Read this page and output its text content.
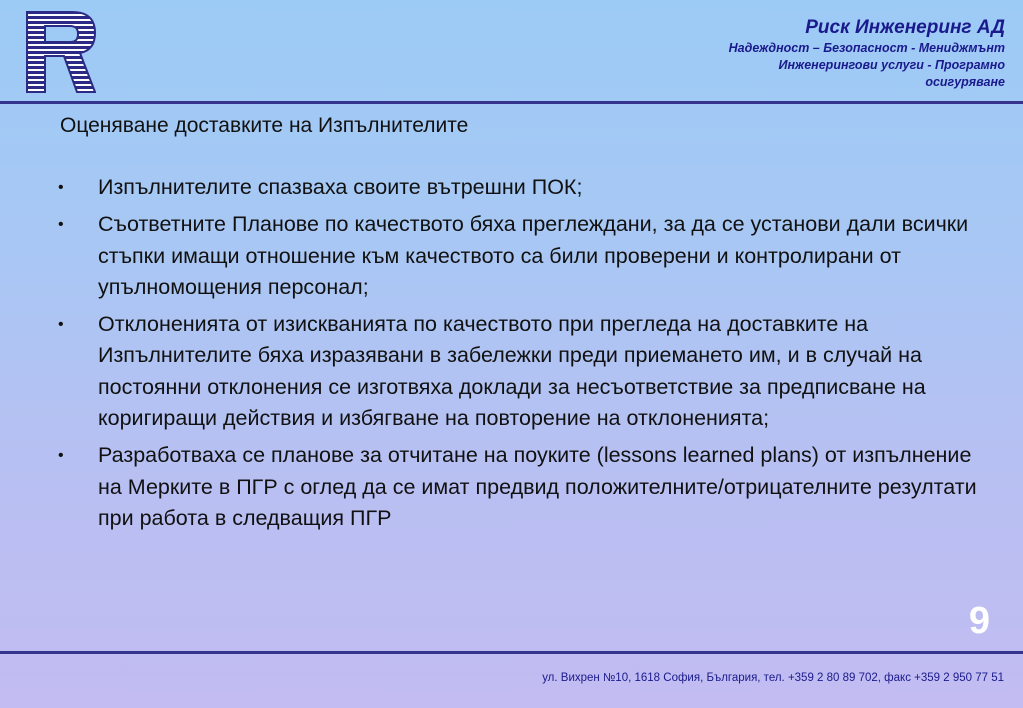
Риск Инженеринг АД
Надеждност – Безопасност - Мениджмънт
Инженерингови услуги - Програмно
осигуряване
Оценяване доставките на Изпълнителите
• Изпълнителите спазваха своите вътрешни ПОК;
• Съответните Планове по качеството бяха преглеждани, за да се установи дали всички стъпки имащи отношение към качеството са били проверени и контролирани от упълномощения персонал;
• Отклоненията от изискванията по качеството при прегледа на доставките на Изпълнителите бяха изразявани в забележки преди приемането им, и в случай на постоянни отклонения се изготвяха доклади за несъответствие за предписване на коригиращи действия и избягване на повторение на отклоненията;
• Разработваха се планове за отчитане на поуките (lessons learned plans) от изпълнение на Мерките в ПГР с оглед да се имат предвид положителните/отрицателните резултати при работа в следващия ПГР
9
ул. Вихрен №10, 1618 София, България, тел. +359 2 80 89 702, факс +359 2 950 77 51
